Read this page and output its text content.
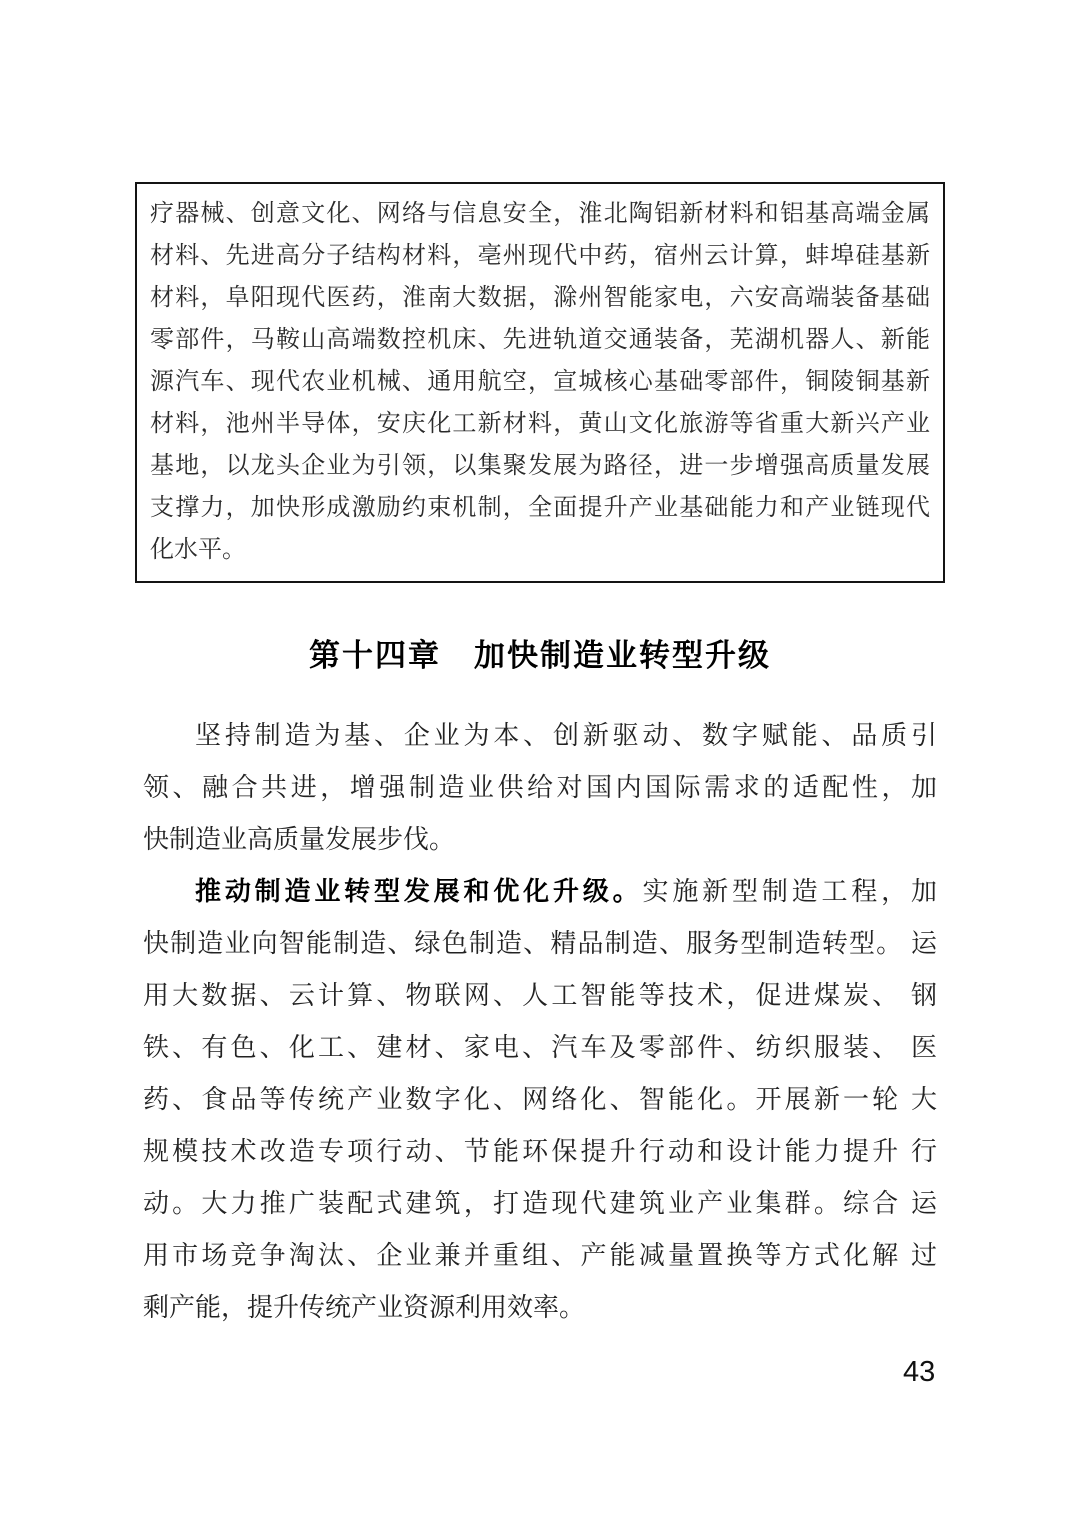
疗器械、创意文化、网络与信息安全，淮北陶铝新材料和铝基高端金属
材料、先进高分子结构材料，亳州现代中药，宿州云计算，蚌埠硅基新
材料，阜阳现代医药，淮南大数据，滁州智能家电，六安高端装备基础
零部件，马鞍山高端数控机床、先进轨道交通装备，芜湖机器人、新能
源汽车、现代农业机械、通用航空，宣城核心基础零部件，铜陵铜基新
材料，池州半导体，安庆化工新材料，黄山文化旅游等省重大新兴产业
基地，以龙头企业为引领，以集聚发展为路径，进一步增强高质量发展
支撑力，加快形成激励约束机制，全面提升产业基础能力和产业链现代
化水平。
第十四章　加快制造业转型升级
坚持制造为基、企业为本、创新驱动、数字赋能、品质引
领、融合共进，增强制造业供给对国内国际需求的适配性，加
快制造业高质量发展步伐。
推动制造业转型发展和优化升级。实施新型制造工程，加
快制造业向智能制造、绿色制造、精品制造、服务型制造转型。 运
用大数据、云计算、物联网、人工智能等技术，促进煤炭、 钢
铁、有色、化工、建材、家电、汽车及零部件、纺织服装、 医
药、食品等传统产业数字化、网络化、智能化。开展新一轮 大
规模技术改造专项行动、节能环保提升行动和设计能力提升 行
动。大力推广装配式建筑，打造现代建筑业产业集群。综合 运
用市场竞争淘汰、企业兼并重组、产能减量置换等方式化解 过
剩产能，提升传统产业资源利用效率。
43
